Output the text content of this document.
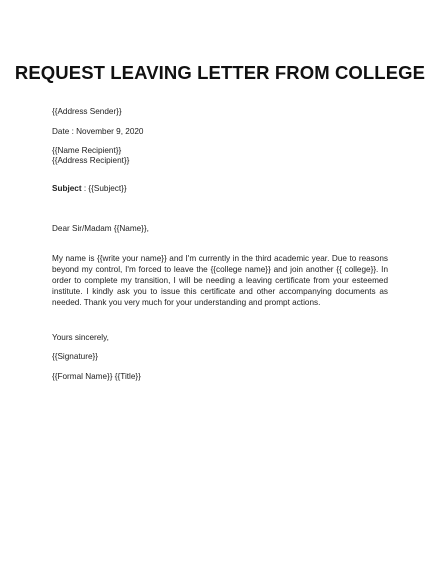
REQUEST LEAVING LETTER FROM COLLEGE
{{Address Sender}}
Date : November 9, 2020
{{Name Recipient}}
{{Address Recipient}}
Subject : {{Subject}}
Dear Sir/Madam {{Name}},
My name is {{write your name}} and I'm currently in the third academic year. Due to reasons beyond my control, I'm forced to leave the {{college name}} and join another {{ college}}. In order to complete my transition, I will be needing a leaving certificate from your esteemed institute. I kindly ask you to issue this certificate and other accompanying documents as needed. Thank you very much for your understanding and prompt actions.
Yours sincerely,
{{Signature}}
{{Formal Name}} {{Title}}
